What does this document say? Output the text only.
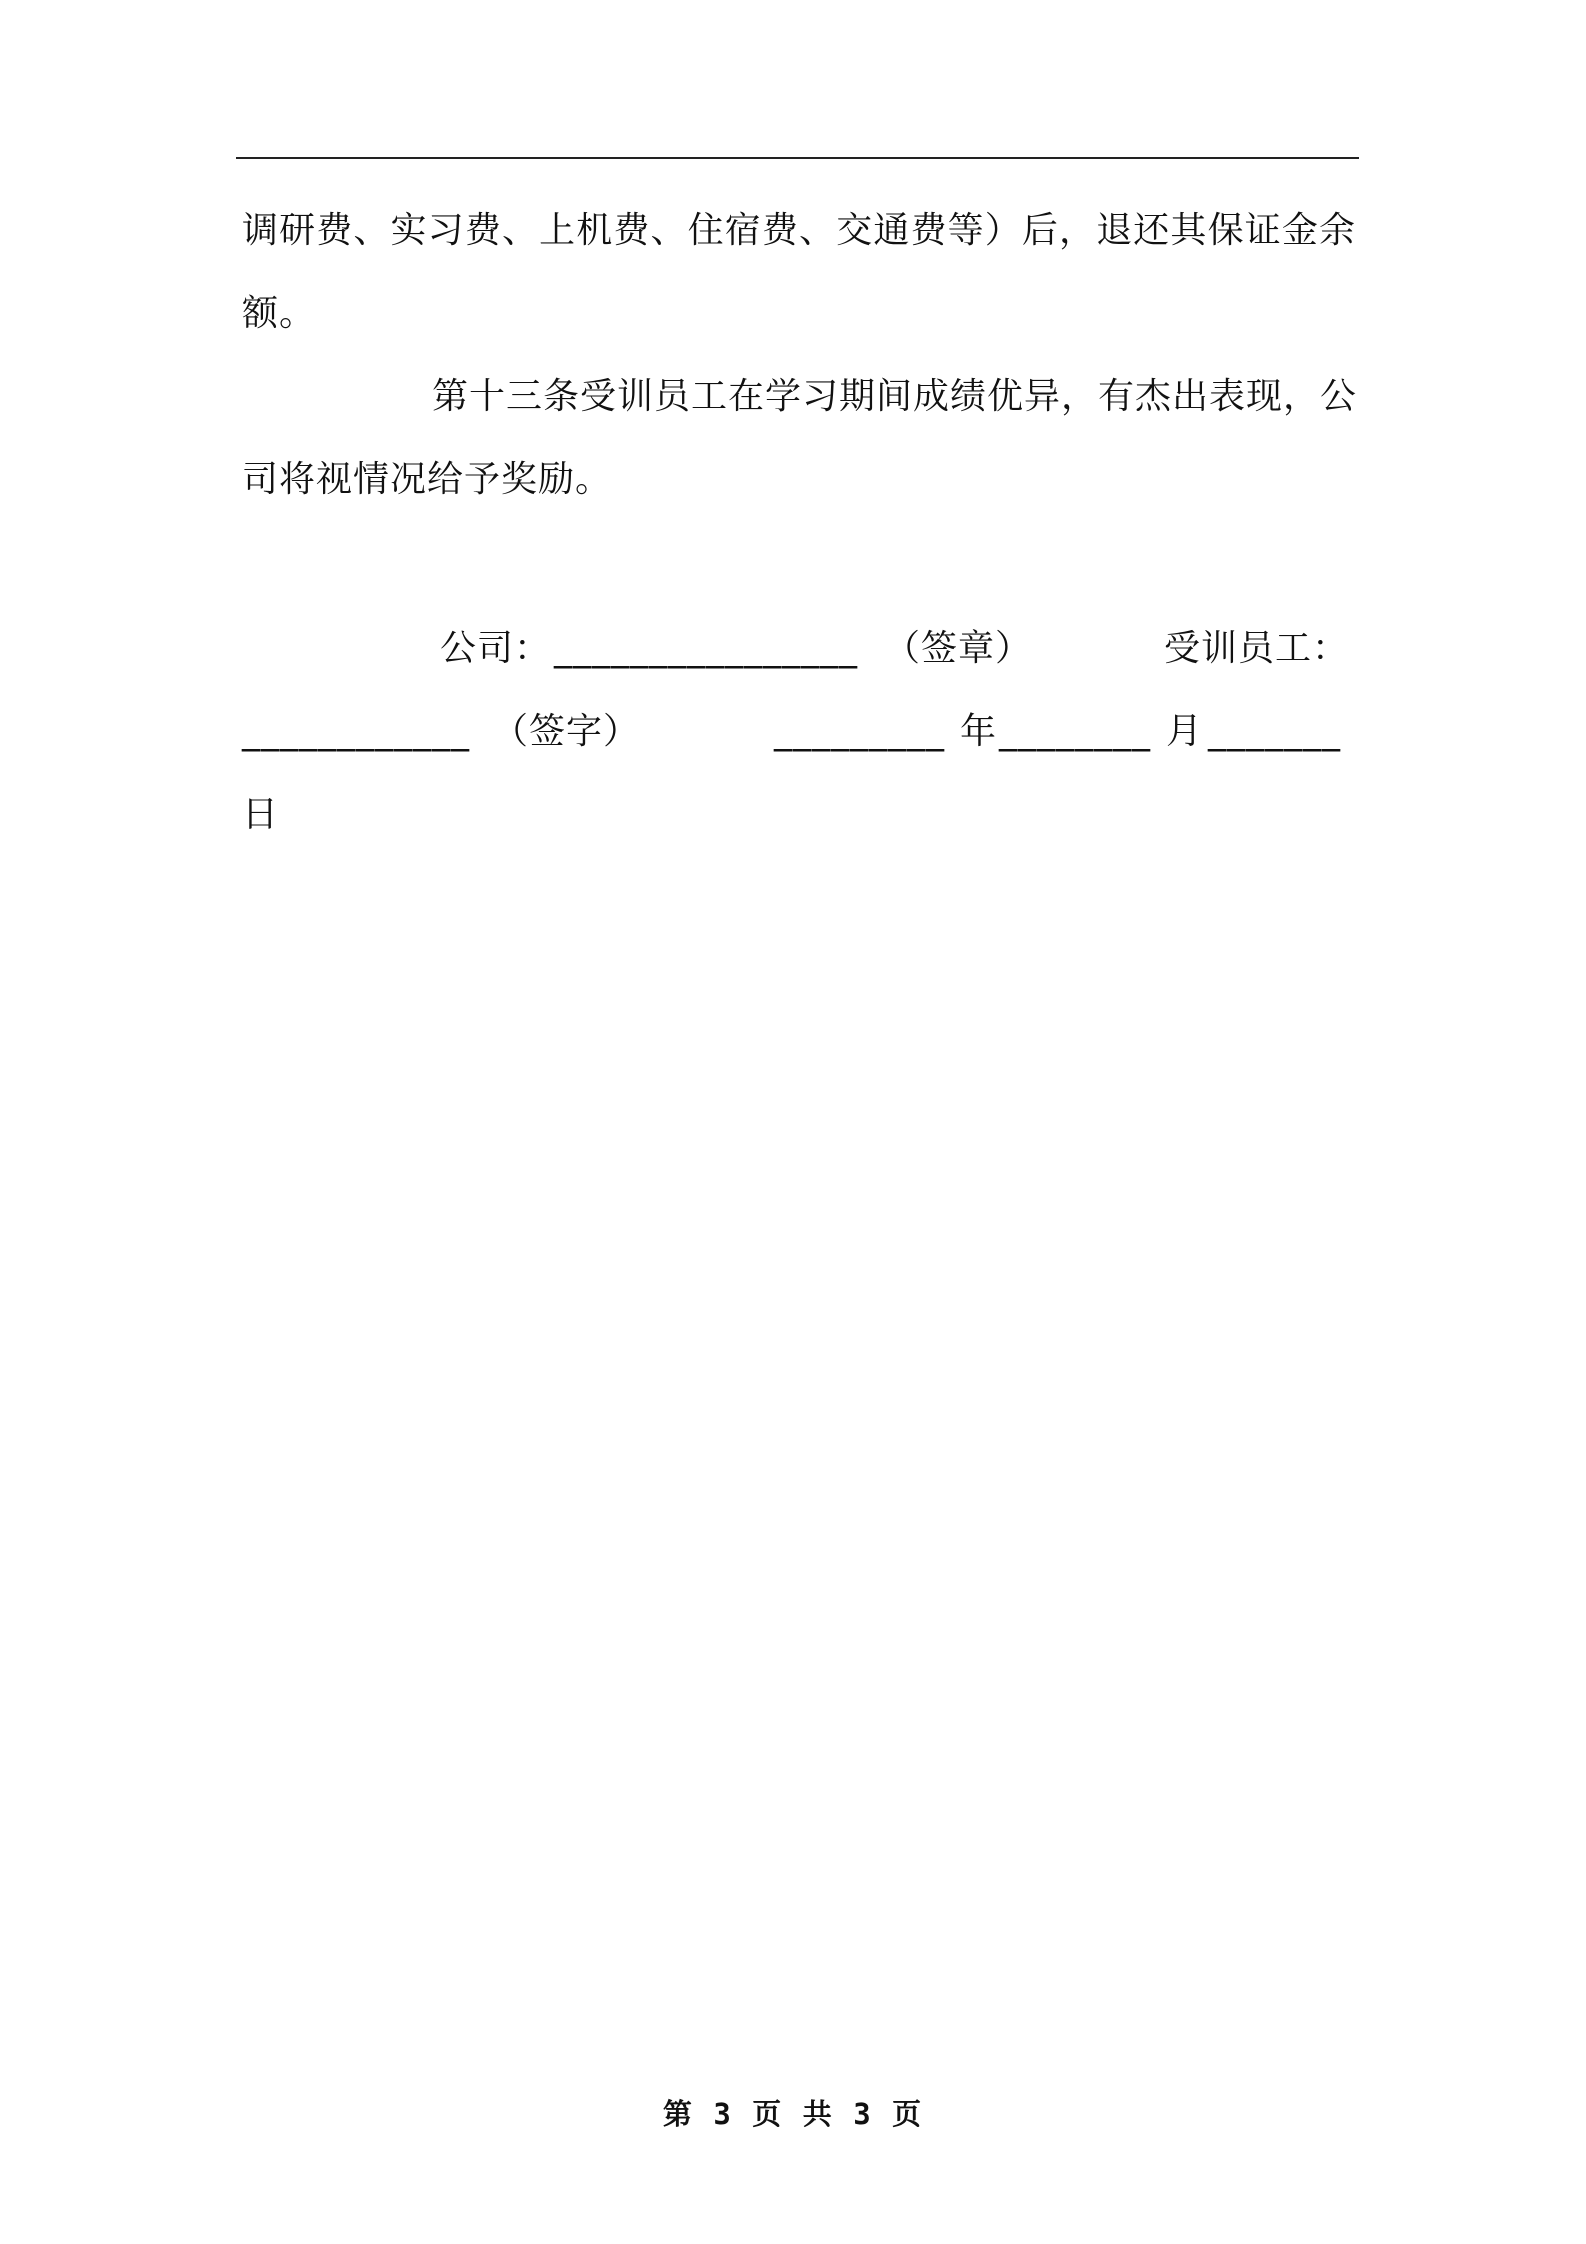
调研费、实习费、上机费、住宿费、交通费等）后，退还其保证金余
额。
第十三条受训员工在学习期间成绩优异，有杰出表现，公
司将视情况给予奖励。
公司： ________________ （签章）	受训员工：
____________ （签字）	_________ 年 ________ 月 _______
日
第 3 页 共 3 页
